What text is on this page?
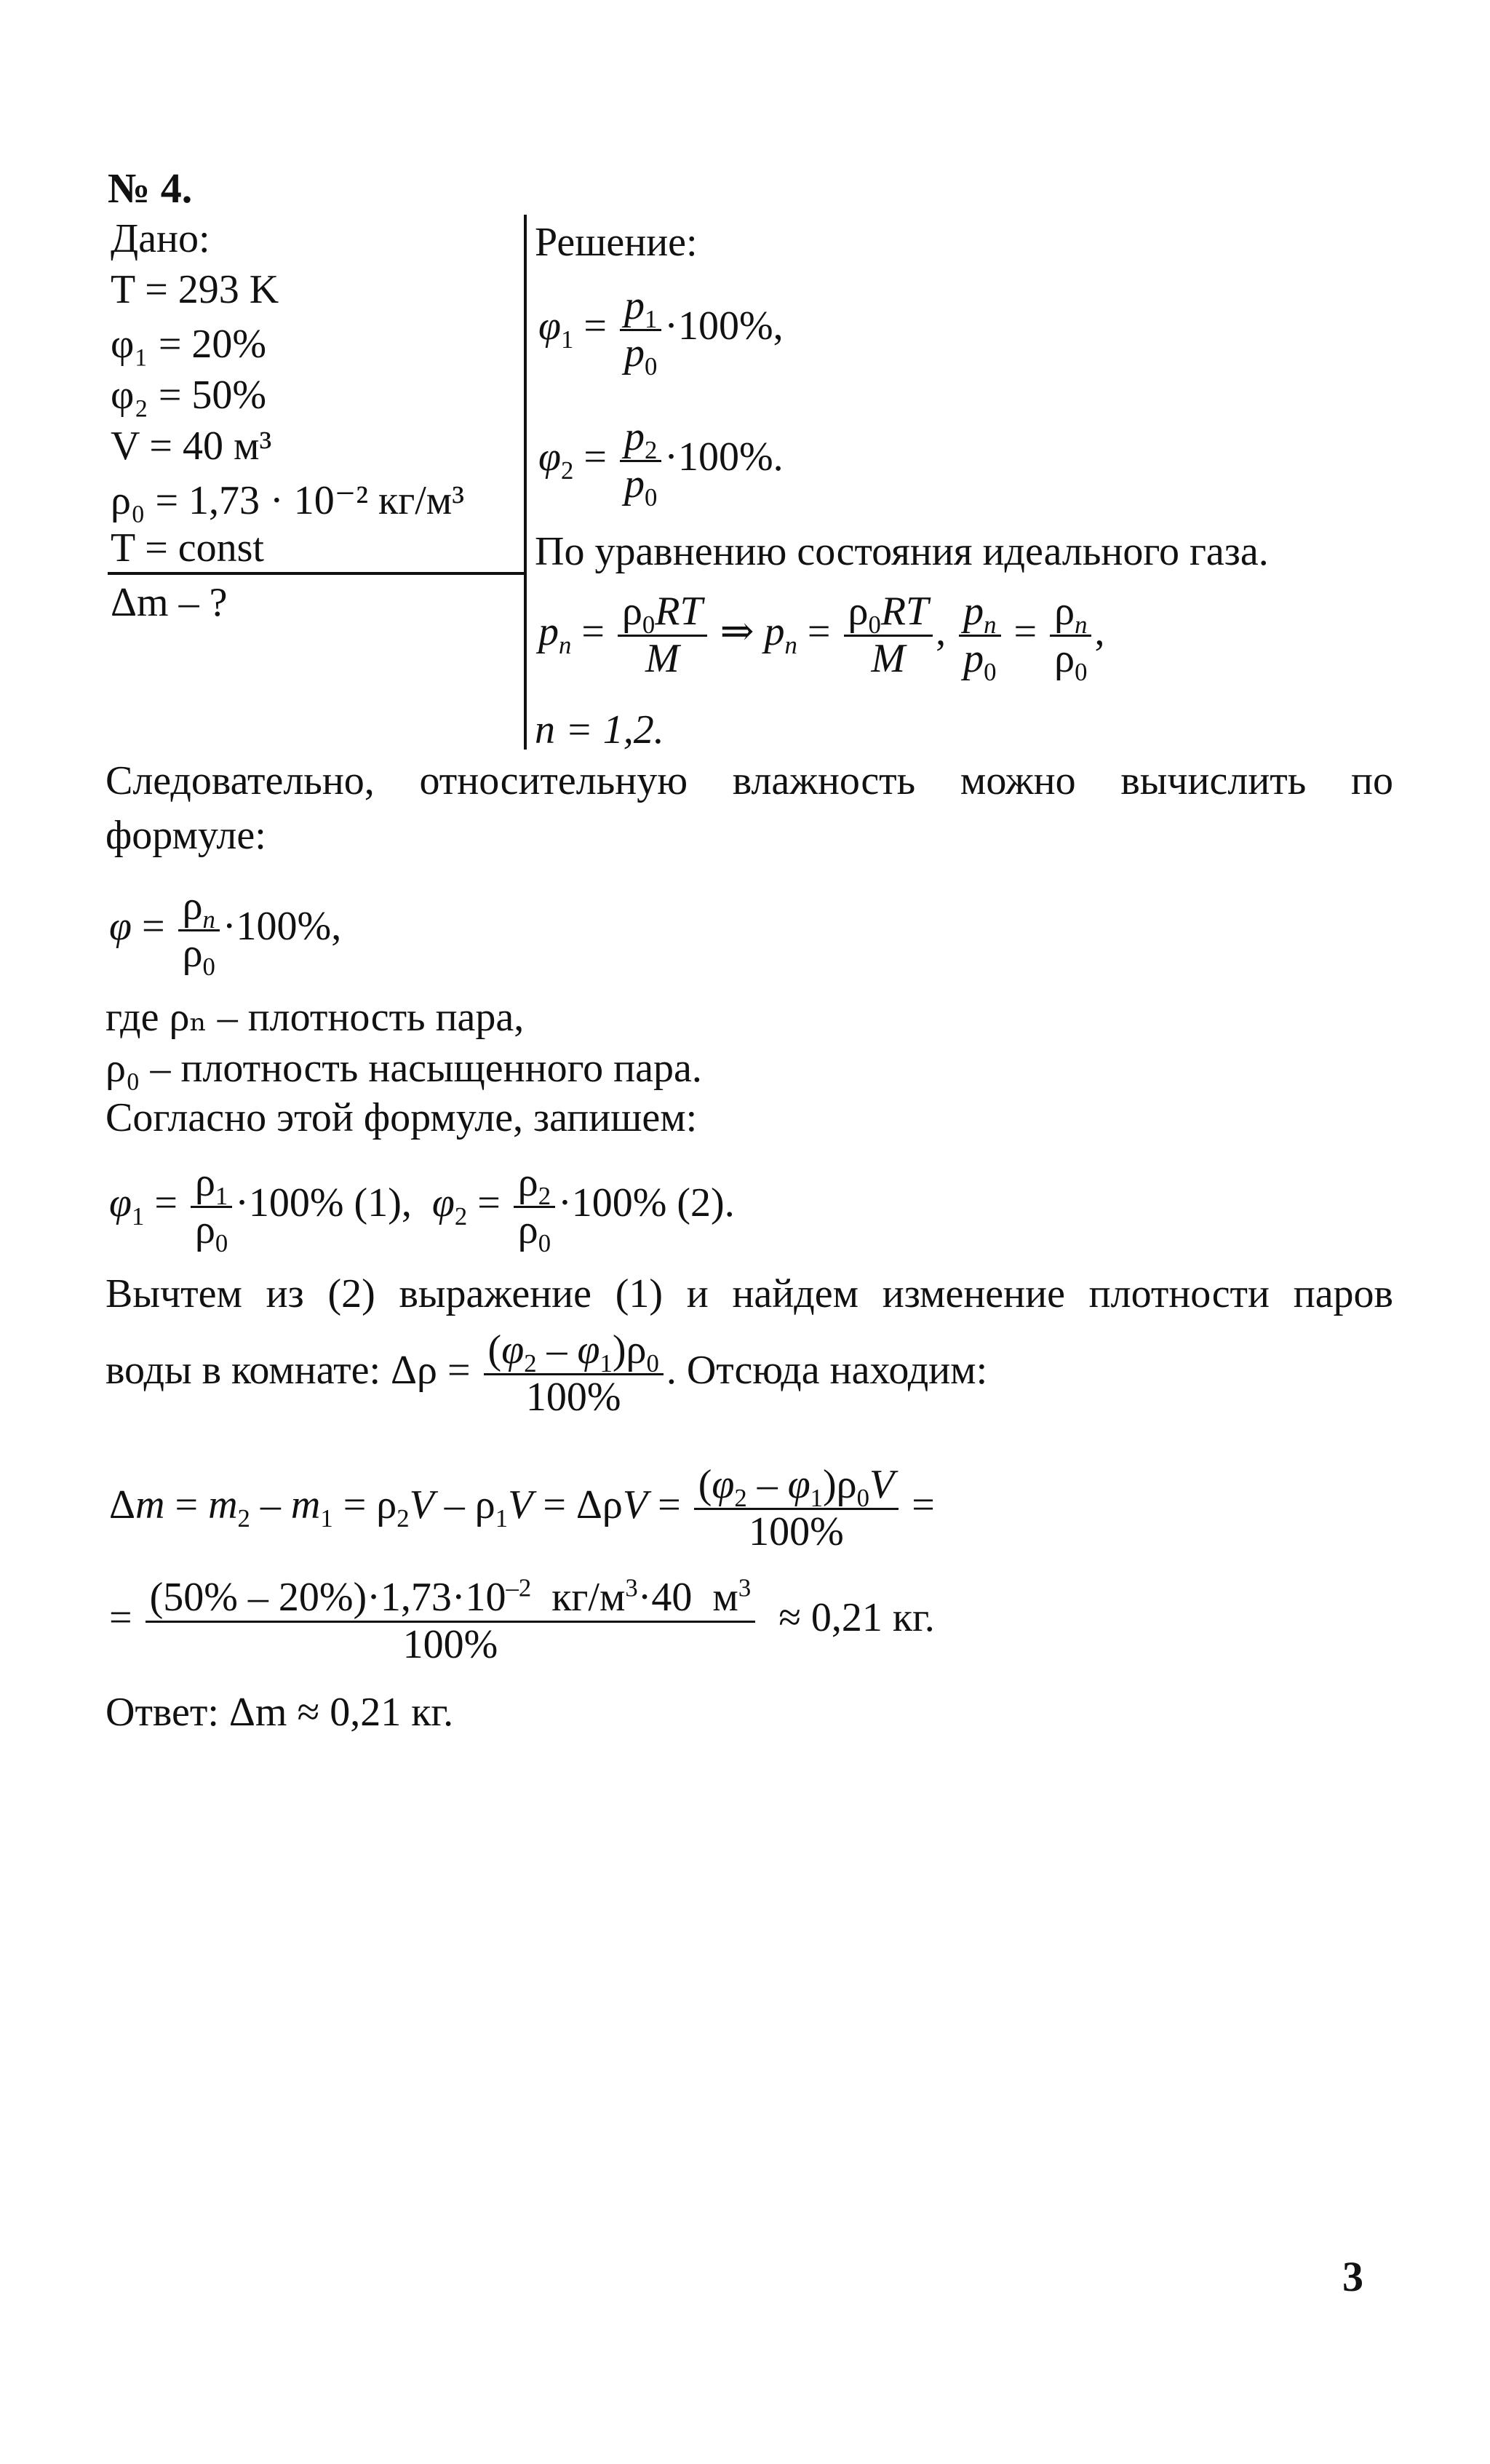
№ 4.
Дано:
T = 293 K
φ₁ = 20%
φ₂ = 50%
V = 40 м³
ρ₀ = 1,73 · 10⁻² кг/м³
T = const
Δm – ?
Решение:
$\varphi_1 = \frac{p_1}{p_0} \cdot 100\%$,
$\varphi_2 = \frac{p_2}{p_0} \cdot 100\%$.
По уравнению состояния идеального газа.
$p_n = \frac{\rho_0RT}{M}$ ⇒ $p_n = \frac{\rho_0RT}{M}$ , $\frac{p_n}{p_0} = \frac{\rho_n}{\rho_0}$ ,
n = 1,2.
Следовательно, относительную влажность можно вычислить по
формуле:
$\varphi = \frac{\rho_n}{\rho_0} \cdot 100\%$,
где ρₙ – плотность пара,
ρ₀ – плотность насыщенного пара.
Согласно этой формуле, запишем:
$\varphi_1 = \frac{\rho_1}{\rho_0} \cdot 100\%$ (1),  $\varphi_2 = \frac{\rho_2}{\rho_0} \cdot 100\%$ (2).
Вычтем из (2) выражение (1) и найдем изменение плотности паров
воды в комнате: $\Delta\rho = \frac{(\varphi_2 - \varphi_1)\rho_0}{100\%}$ . Отсюда находим:
$\Delta m = m_2 - m_1 = \rho_2V - \rho_1V = \Delta\rho V = \frac{(\varphi_2 - \varphi_1)\rho_0V}{100\%}$ =
= $\frac{(50\% - 20\%)\cdot 1,73\cdot 10^{-2} кг/м^3\cdot 40 м^3}{100\%} \approx 0,21$ кг.
Ответ: Δm ≈ 0,21 кг.
3
